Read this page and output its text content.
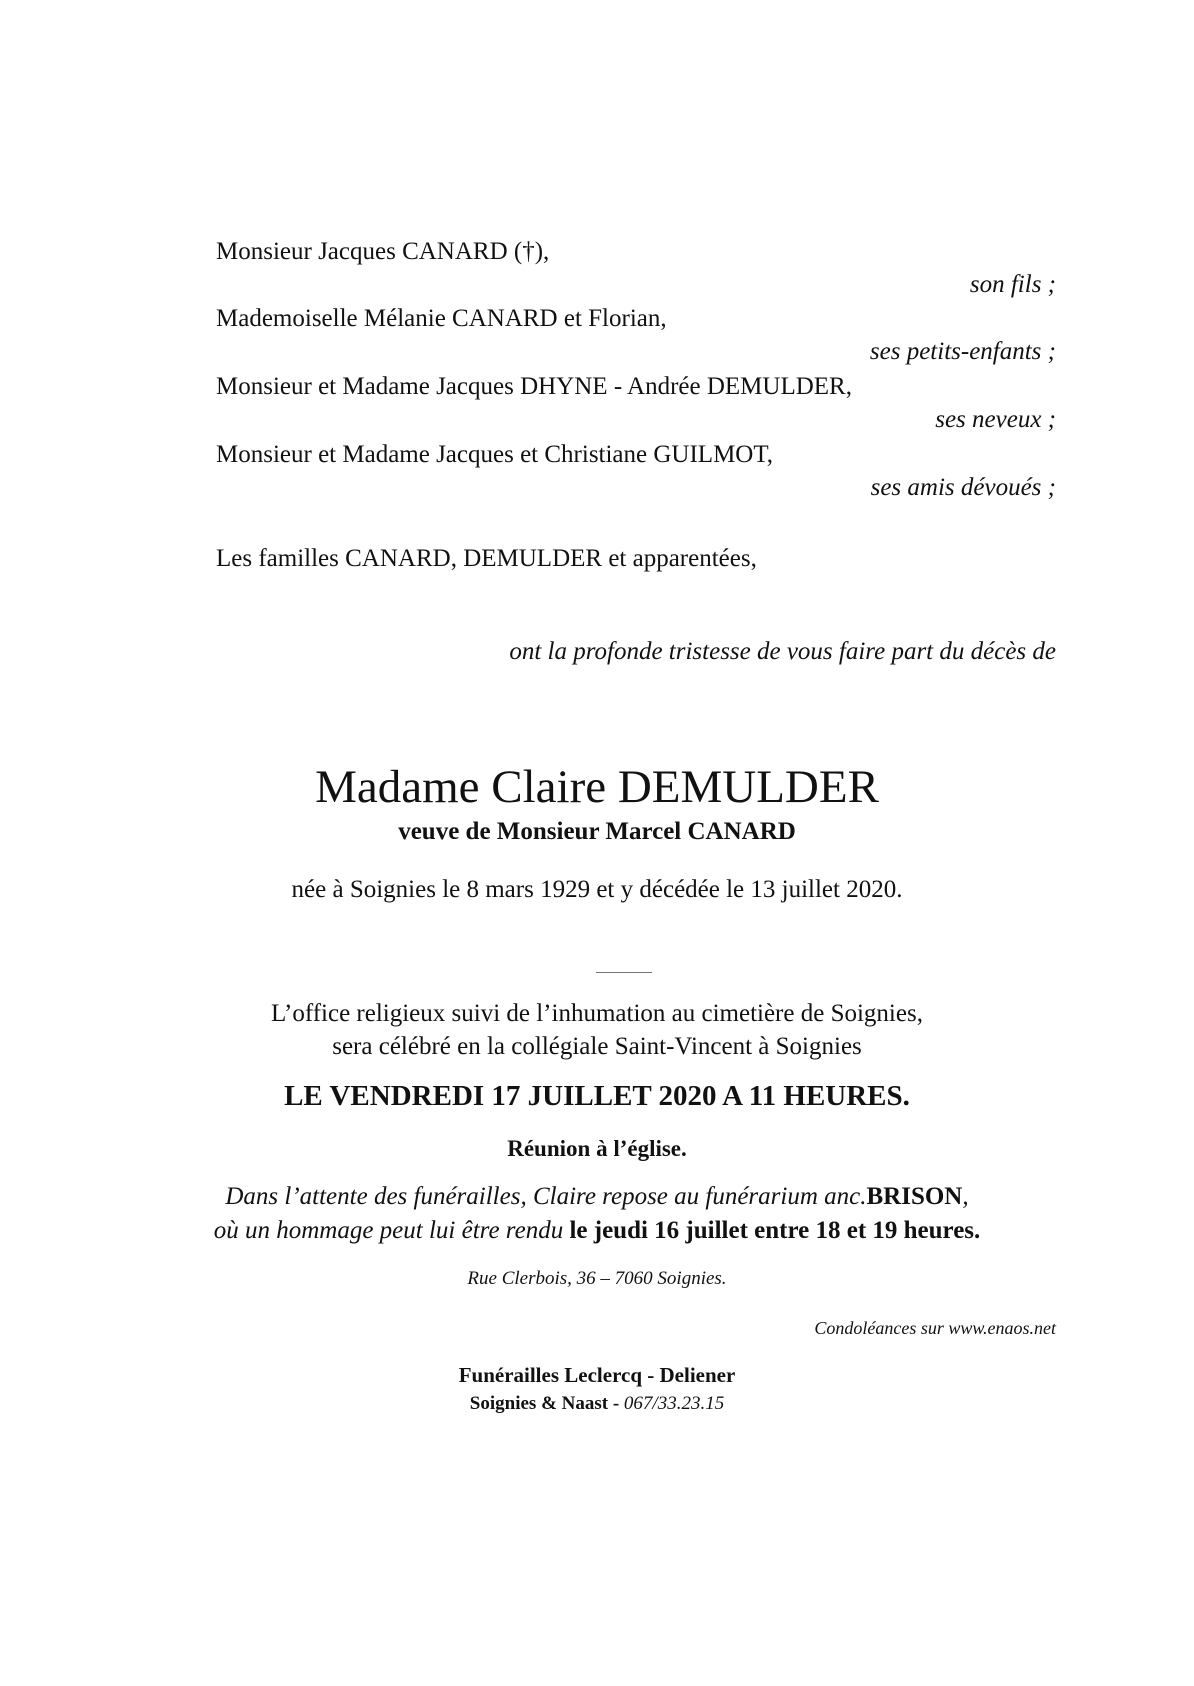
Monsieur Jacques CANARD (†),

son fils ;

Mademoiselle Mélanie CANARD et Florian,

ses petits-enfants ;

Monsieur et Madame Jacques DHYNE - Andrée DEMULDER,

ses neveux ;

Monsieur et Madame Jacques et Christiane GUILMOT,

ses amis dévoués ;

Les familles CANARD, DEMULDER et apparentées,

ont la profonde tristesse de vous faire part du décès de

Madame Claire DEMULDER

veuve de Monsieur Marcel CANARD

née à Soignies le 8 mars 1929 et y décédée le 13 juillet 2020.

L’office religieux suivi de l’inhumation au cimetière de Soignies,

sera célébré en la collégiale Saint-Vincent à Soignies

LE VENDREDI 17 JUILLET 2020 A 11 HEURES.

Réunion à l’église.

Dans l’attente des funérailles, Claire repose au funérarium anc.BRISON,

où un hommage peut lui être rendu le jeudi 16 juillet entre 18 et 19 heures.

Rue Clerbois, 36 – 7060 Soignies.

Condoléances sur www.enaos.net

Funérailles Leclercq - Deliener

Soignies & Naast - 067/33.23.15
